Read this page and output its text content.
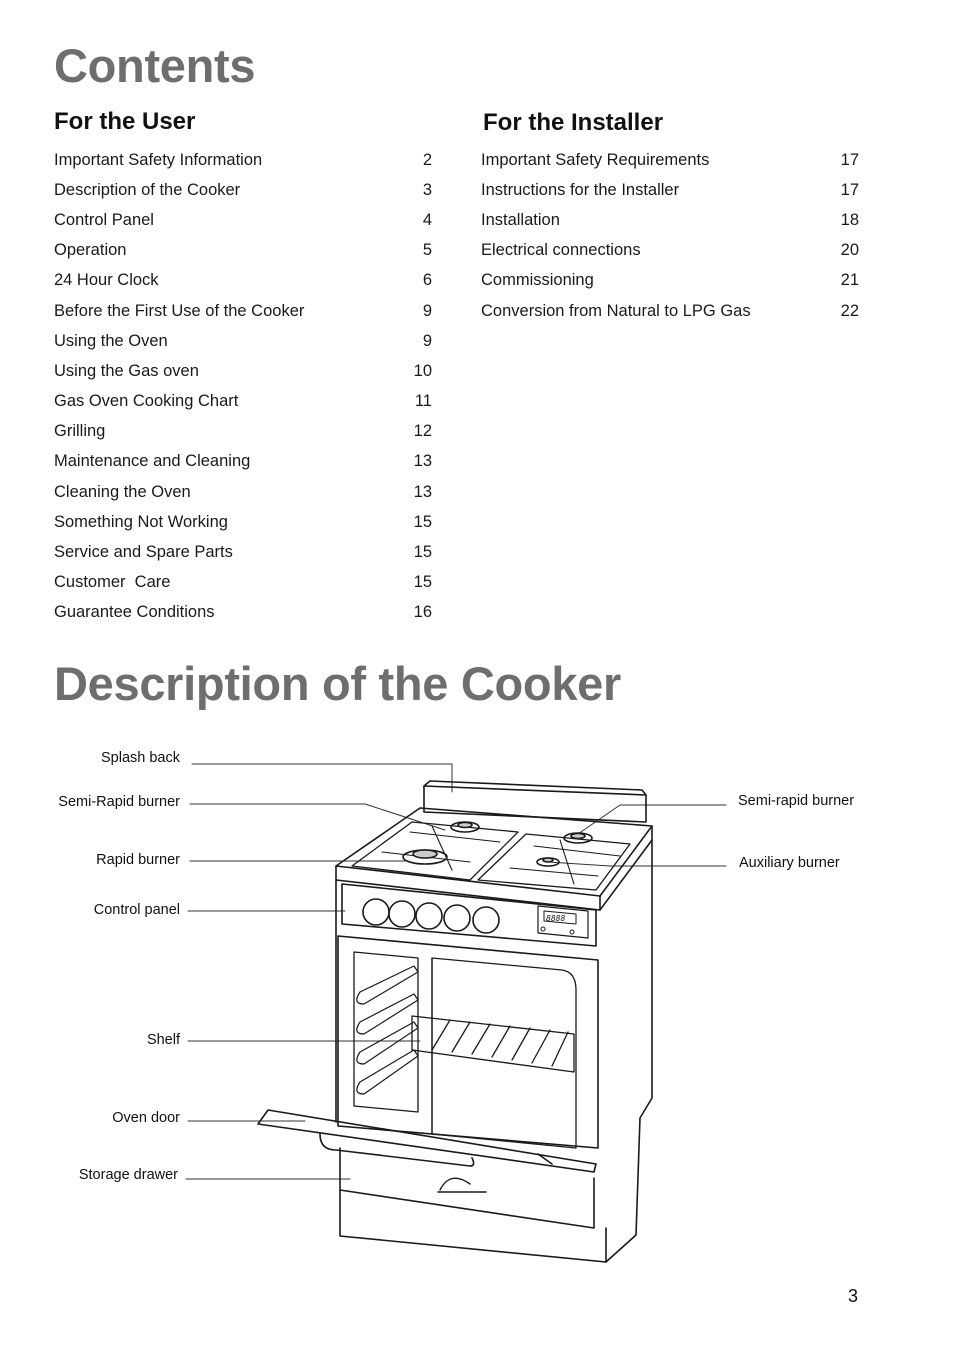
Contents
For the User
Important Safety Information	2
Description of the Cooker	3
Control Panel	4
Operation	5
24 Hour Clock	6
Before the First Use of the Cooker	9
Using the Oven	9
Using the Gas oven	10
Gas Oven Cooking Chart	11
Grilling	12
Maintenance and Cleaning	13
Cleaning the Oven	13
Something Not Working	15
Service and Spare Parts	15
Customer  Care	15
Guarantee Conditions	16
For the Installer
Important Safety Requirements	17
Instructions for the Installer	17
Installation	18
Electrical connections	20
Commissioning	21
Conversion from Natural to LPG Gas	22
Description of the Cooker
8888
Splash back
Semi-Rapid burner
Rapid burner
Control panel
Shelf
Oven door
Storage drawer
Semi-rapid burner
Auxiliary burner
3
